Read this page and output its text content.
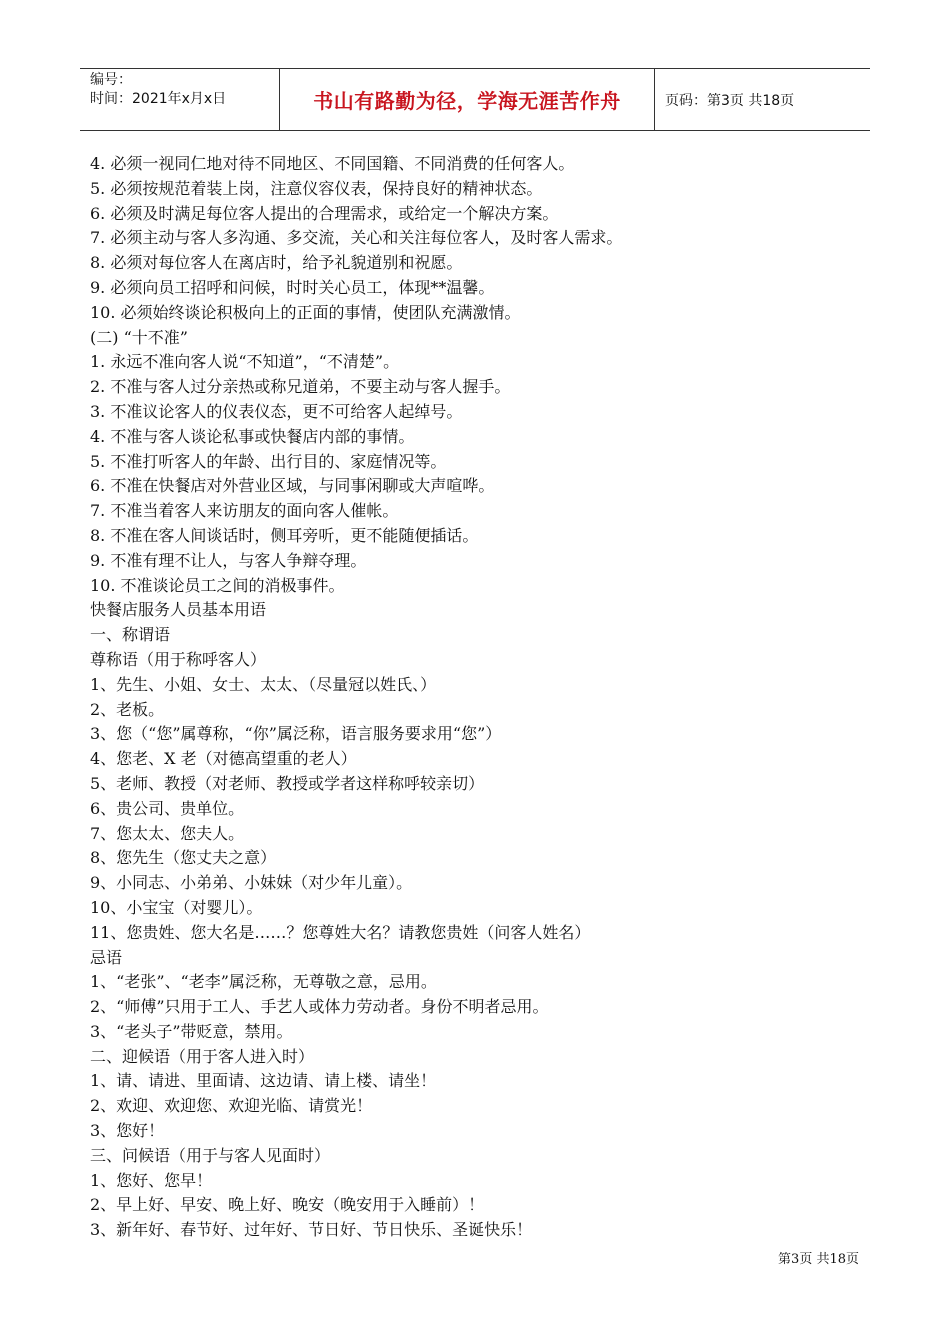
编号：
时间：2021年x月x日	书山有路勤为径，学海无涯苦作舟	页码：第3页 共18页
4. 必须一视同仁地对待不同地区、不同国籍、不同消费的任何客人。
5. 必须按规范着装上岗，注意仪容仪表，保持良好的精神状态。
6. 必须及时满足每位客人提出的合理需求，或给定一个解决方案。
7. 必须主动与客人多沟通、多交流，关心和关注每位客人，及时客人需求。
8. 必须对每位客人在离店时，给予礼貌道别和祝愿。
9. 必须向员工招呼和问候，时时关心员工，体现**温馨。
10. 必须始终谈论积极向上的正面的事情，使团队充满激情。
(二) “十不准”
1. 永远不准向客人说“不知道”，“不清楚”。
2. 不准与客人过分亲热或称兄道弟，不要主动与客人握手。
3. 不准议论客人的仪表仪态，更不可给客人起绰号。
4. 不准与客人谈论私事或快餐店内部的事情。
5. 不准打听客人的年龄、出行目的、家庭情况等。
6. 不准在快餐店对外营业区域，与同事闲聊或大声喧哗。
7. 不准当着客人来访朋友的面向客人催帐。
8. 不准在客人间谈话时，侧耳旁听，更不能随便插话。
9. 不准有理不让人，与客人争辩夺理。
10. 不准谈论员工之间的消极事件。
快餐店服务人员基本用语
一、称谓语
尊称语（用于称呼客人）
1、先生、小姐、女士、太太、（尽量冠以姓氏、）
2、老板。
3、您（“您”属尊称，“你”属泛称，语言服务要求用“您”）
4、您老、X 老（对德高望重的老人）
5、老师、教授（对老师、教授或学者这样称呼较亲切）
6、贵公司、贵单位。
7、您太太、您夫人。
8、您先生（您丈夫之意）
9、小同志、小弟弟、小妹妹（对少年儿童）。
10、小宝宝（对婴儿）。
11、您贵姓、您大名是……？您尊姓大名？请教您贵姓（问客人姓名）
忌语
1、“老张”、“老李”属泛称，无尊敬之意，忌用。
2、“师傅”只用于工人、手艺人或体力劳动者。身份不明者忌用。
3、“老头子”带贬意，禁用。
二、迎候语（用于客人进入时）
1、请、请进、里面请、这边请、请上楼、请坐！
2、欢迎、欢迎您、欢迎光临、请赏光！
3、您好！
三、问候语（用于与客人见面时）
1、您好、您早！
2、早上好、早安、晚上好、晚安（晚安用于入睡前）！
3、新年好、春节好、过年好、节日好、节日快乐、圣诞快乐！
第3页 共18页
